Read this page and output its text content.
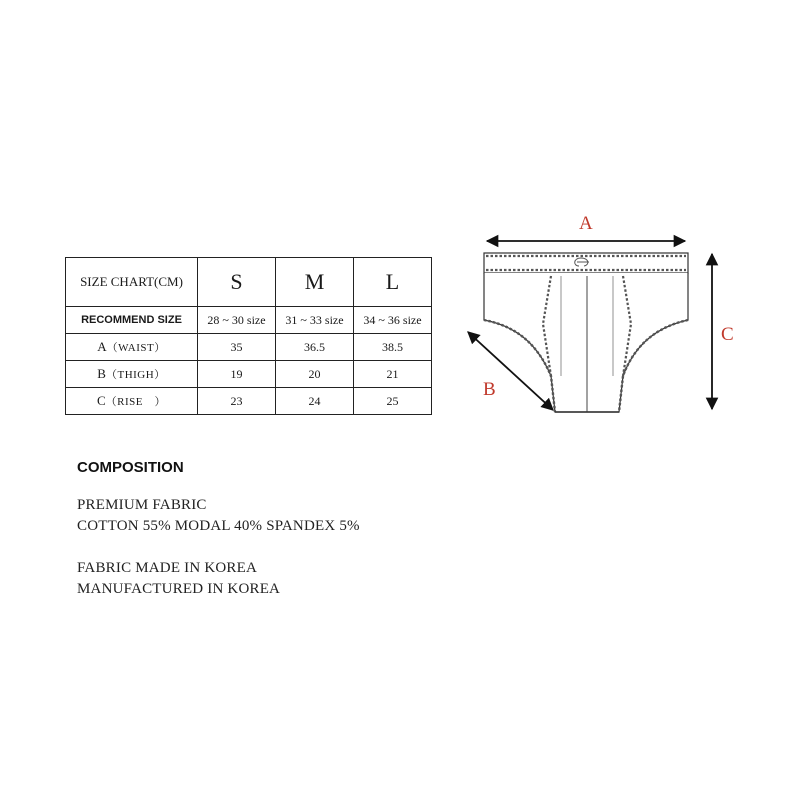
SIZE CHART(CM)	S	M	L
RECOMMEND SIZE	28 ~ 30 size	31 ~ 33 size	34 ~ 36 size
A（WAIST）	35	36.5	38.5
B（THIGH）	19	20	21
C（RISE　）	23	24	25
COMPOSITION
PREMIUM FABRIC
COTTON 55% MODAL 40% SPANDEX 5%
FABRIC MADE IN KOREA
MANUFACTURED IN KOREA
A
C
B
